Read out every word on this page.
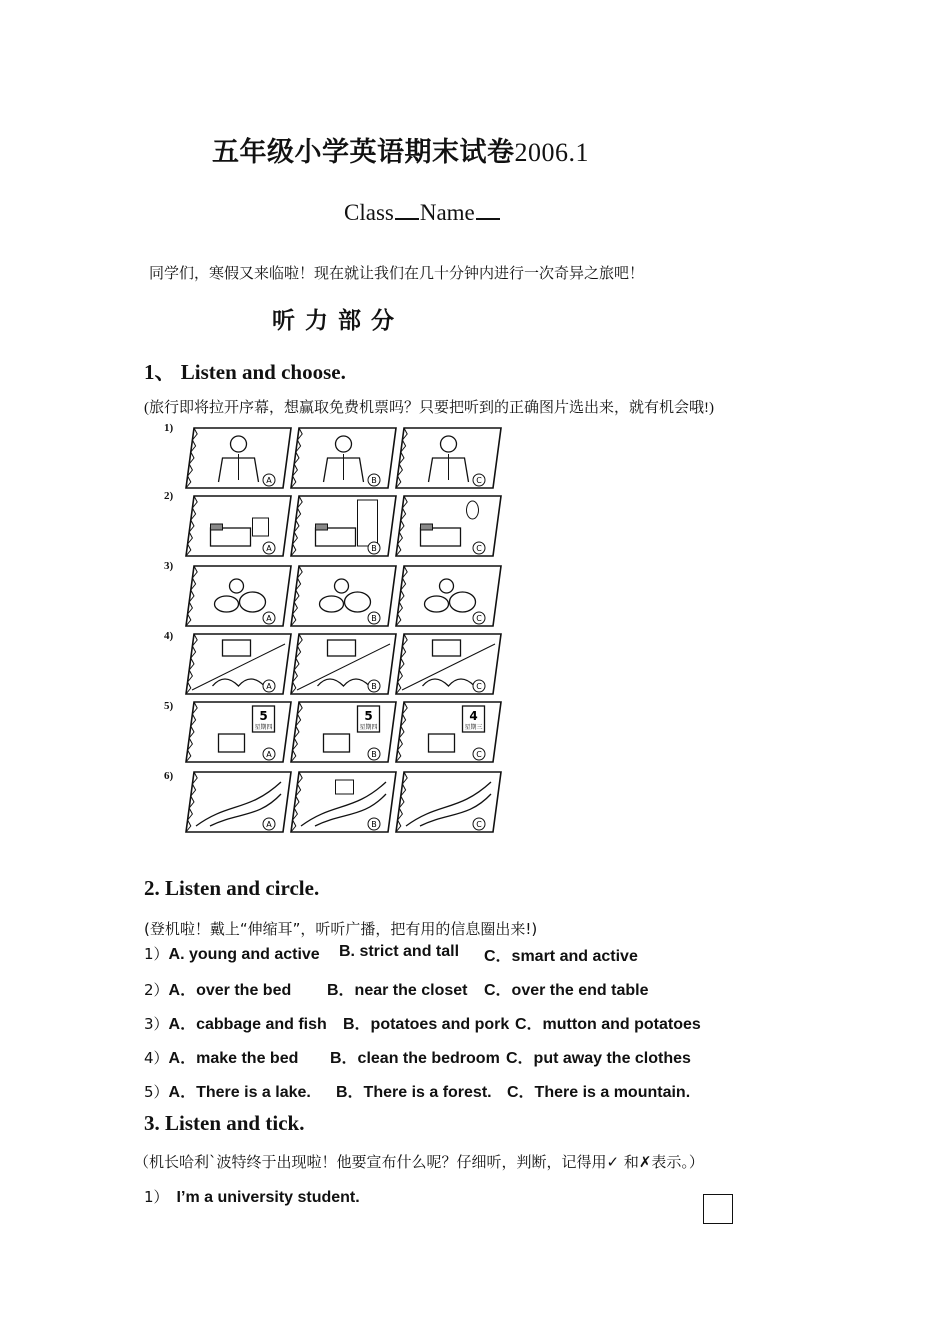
五年级小学英语期末试卷2006.1
Class Name
同学们，寒假又来临啦！现在就让我们在几十分钟内进行一次奇异之旅吧！
听力部分
1、 Listen and choose.
(旅行即将拉开序幕，想赢取免费机票吗？只要把听到的正确图片选出来，就有机会哦!)
1)
2)
3)
4)
5)
6)
A	B	C
A	B	C
A	B	C
A	B	C
5
星期四
A
5
星期四
B
4
星期三
C
A	B	C
2. Listen and circle.
(登机啦！戴上“伸缩耳”，听听广播，把有用的信息圈出来!)
1）A. young and active B. strict and tall C．smart and active
2）A．over the bed B．near the closet C．over the end table
3）A．cabbage and fish B．potatoes and pork C．mutton and potatoes
4）A．make the bed B．clean the bedroom C．put away the clothes
5）A．There is a lake. B．There is a forest. C．There is a mountain.
3. Listen and tick.
（机长哈利`波特终于出现啦！他要宣布什么呢？仔细听，判断，记得用✓ 和✗表示。）
1） I’m a university student.
